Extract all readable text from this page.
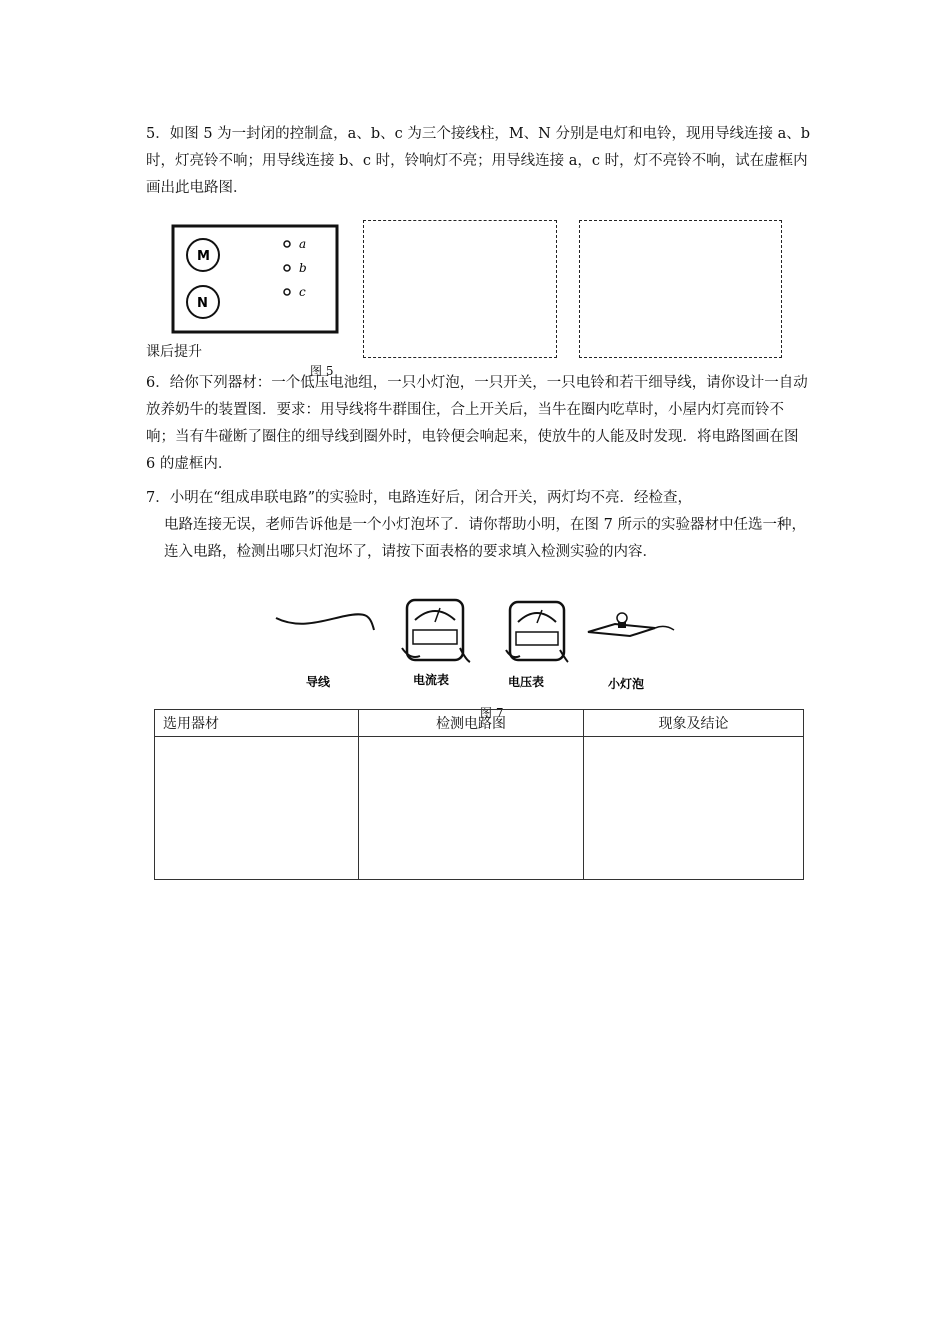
5．如图 5 为一封闭的控制盒，a、b、c 为三个接线柱，M、N 分别是电灯和电铃，现用导线连接 a、b 时，灯亮铃不响；用导线连接 b、c 时，铃响灯不亮；用导线连接 a，c 时，灯不亮铃不响，试在虚框内画出此电路图．
M
N
a
b
c
课后提升
图 5
6．给你下列器材：一个低压电池组，一只小灯泡，一只开关，一只电铃和若干细导线，请你设计一自动放养奶牛的装置图．要求：用导线将牛群围住，合上开关后，当牛在圈内吃草时，小屋内灯亮而铃不响；当有牛碰断了圈住的细导线到圈外时，电铃便会响起来，使放牛的人能及时发现．将电路图画在图 6 的虚框内．
7．小明在“组成串联电路”的实验时，电路连好后，闭合开关，两灯均不亮．经检查，
电路连接无误，老师告诉他是一个小灯泡坏了．请你帮助小明，在图 7 所示的实验器材中任选一种，连入电路，检测出哪只灯泡坏了，请按下面表格的要求填入检测实验的内容．
导线	电流表	电压表	小灯泡
图 7
选用器材	检测电路图	现象及结论
